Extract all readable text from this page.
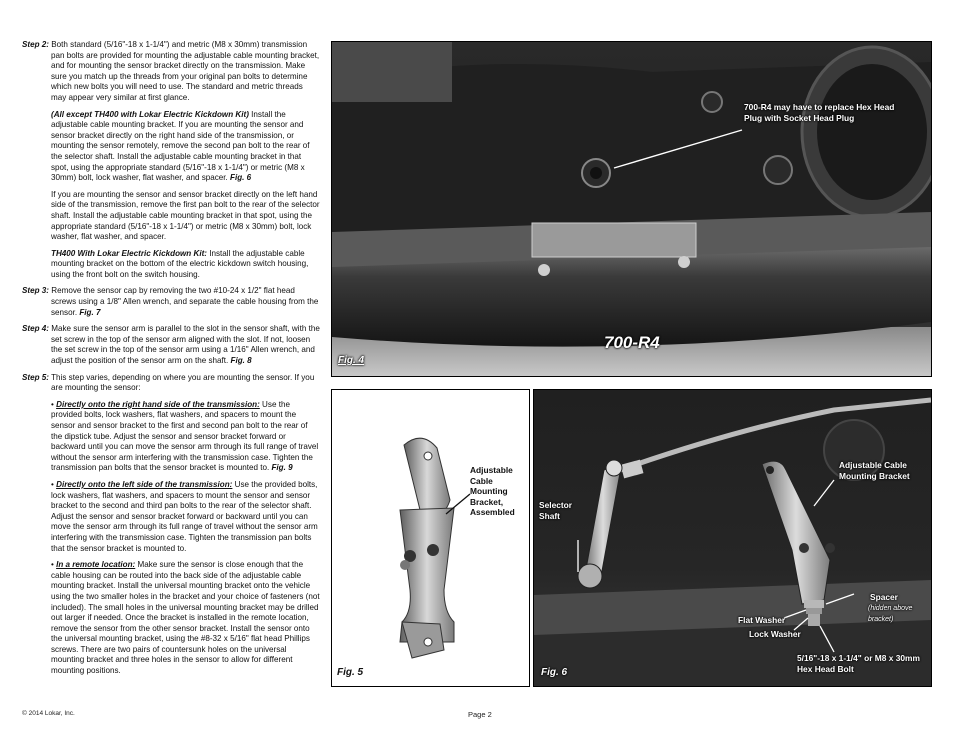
Step 2: Both standard (5/16"-18 x 1-1/4") and metric (M8 x 30mm) transmission pan bolts are provided for mounting the adjustable cable mounting bracket, and for mounting the sensor bracket directly on the transmission. Make sure you match up the threads from your original pan bolts to determine which new bolts you will need to use. The standard and metric threads may appear very similar at first glance.

(All except TH400 with Lokar Electric Kickdown Kit) Install the adjustable cable mounting bracket. If you are mounting the sensor and sensor bracket directly on the right hand side of the transmission, or mounting the sensor remotely, remove the second pan bolt to the rear of the selector shaft. Install the adjustable cable mounting bracket in that spot, using the appropriate standard (5/16"-18 x 1-1/4") or metric (M8 x 30mm) bolt, lock washer, flat washer, and spacer. Fig. 6

If you are mounting the sensor and sensor bracket directly on the left hand side of the transmission, remove the first pan bolt to the rear of the selector shaft. Install the adjustable cable mounting bracket in that spot, using the appropriate standard (5/16"-18 x 1-1/4") or metric (M8 x 30mm) bolt, lock washer, flat washer, and spacer.

TH400 With Lokar Electric Kickdown Kit: Install the adjustable cable mounting bracket on the bottom of the electric kickdown switch housing, using the front bolt on the switch housing.

Step 3: Remove the sensor cap by removing the two #10-24 x 1/2" flat head screws using a 1/8" Allen wrench, and separate the cable housing from the sensor. Fig. 7

Step 4: Make sure the sensor arm is parallel to the slot in the sensor shaft, with the set screw in the top of the sensor arm aligned with the slot. If not, loosen the set screw in the top of the sensor arm using a 1/16" Allen wrench, and adjust the position of the sensor arm on the shaft. Fig. 8

Step 5: This step varies, depending on where you are mounting the sensor. If you are mounting the sensor:

• Directly onto the right hand side of the transmission: Use the provided bolts, lock washers, flat washers, and spacers to mount the sensor and sensor bracket to the first and second pan bolt to the rear of the dipstick tube. Adjust the sensor and sensor bracket forward or backward until you can move the sensor arm through its full range of travel without the sensor arm interfering with the transmission case. Tighten the transmission pan bolts that the sensor bracket is mounted to. Fig. 9

• Directly onto the left side of the transmission: Use the provided bolts, lock washers, flat washers, and spacers to mount the sensor and sensor bracket to the second and third pan bolts to the rear of the selector shaft. Adjust the sensor and sensor bracket forward or backward until you can move the sensor arm through its full range of travel without the sensor arm interfering with the transmission case. Tighten the transmission pan bolts that the sensor bracket is mounted to.

• In a remote location: Make sure the sensor is close enough that the cable housing can be routed into the back side of the adjustable cable mounting bracket. Install the universal mounting bracket onto the vehicle using the two smaller holes in the bracket and your choice of fasteners (not included). The small holes in the universal mounting bracket may be drilled out larger if needed. Once the bracket is installed in the remote location, remove the sensor from the other sensor bracket. Install the sensor onto the universal mounting bracket, using the #8-32 x 5/16" flat head Phillips screws. There are two pairs of countersunk holes on the universal mounting bracket and three holes in the sensor to allow for different mounting positions.

700-R4 may have to replace Hex Head Plug with Socket Head Plug
700-R4
Fig. 4
Adjustable Cable Mounting Bracket, Assembled
Fig. 5
Selector Shaft
Adjustable Cable Mounting Bracket
Spacer
(hidden above bracket)
Flat Washer
Lock Washer
5/16"-18 x 1-1/4" or M8 x 30mm Hex Head Bolt
Fig. 6
© 2014 Lokar, Inc.	Page 2
